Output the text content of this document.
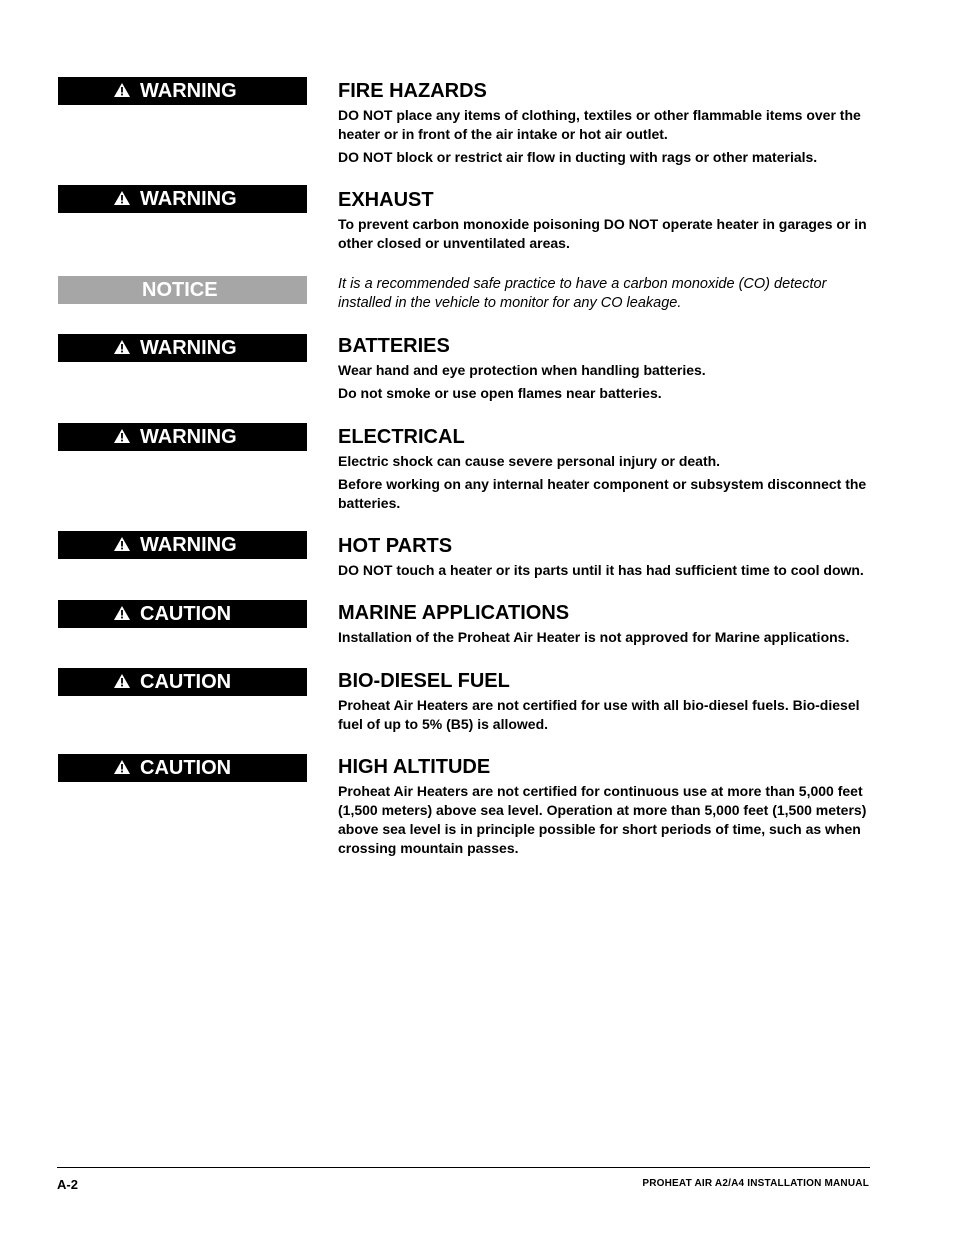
WARNING	FIRE HAZARDS

DO NOT place any items of clothing, textiles or other flammable items over the heater or in front of the air intake or hot air outlet.

DO NOT block or restrict air flow in ducting with rags or other materials.

WARNING	EXHAUST

To prevent carbon monoxide poisoning DO NOT operate heater in garages or in other closed or unventilated areas.

NOTICE	It is a recommended safe practice to have a carbon monoxide (CO) detector installed in the vehicle to monitor for any CO leakage.

WARNING	BATTERIES

Wear hand and eye protection when handling batteries.

Do not smoke or use open flames near batteries.

WARNING	ELECTRICAL

Electric shock can cause severe personal injury or death.

Before working on any internal heater component or subsystem disconnect the batteries.

WARNING	HOT PARTS

DO NOT touch a heater or its parts until it has had sufficient time to cool down.

CAUTION	MARINE APPLICATIONS

Installation of the Proheat Air Heater is not approved for Marine applications.

CAUTION	BIO-DIESEL FUEL

Proheat Air Heaters are not certified for use with all bio-diesel fuels. Bio-diesel fuel of up to 5% (B5) is allowed.

CAUTION	HIGH ALTITUDE

Proheat Air Heaters are not certified for continuous use at more than 5,000 feet (1,500 meters) above sea level. Operation at more than 5,000 feet (1,500 meters) above sea level is in principle possible for short periods of time, such as when crossing mountain passes.

A-2	PROHEAT AIR A2/A4 INSTALLATION MANUAL
